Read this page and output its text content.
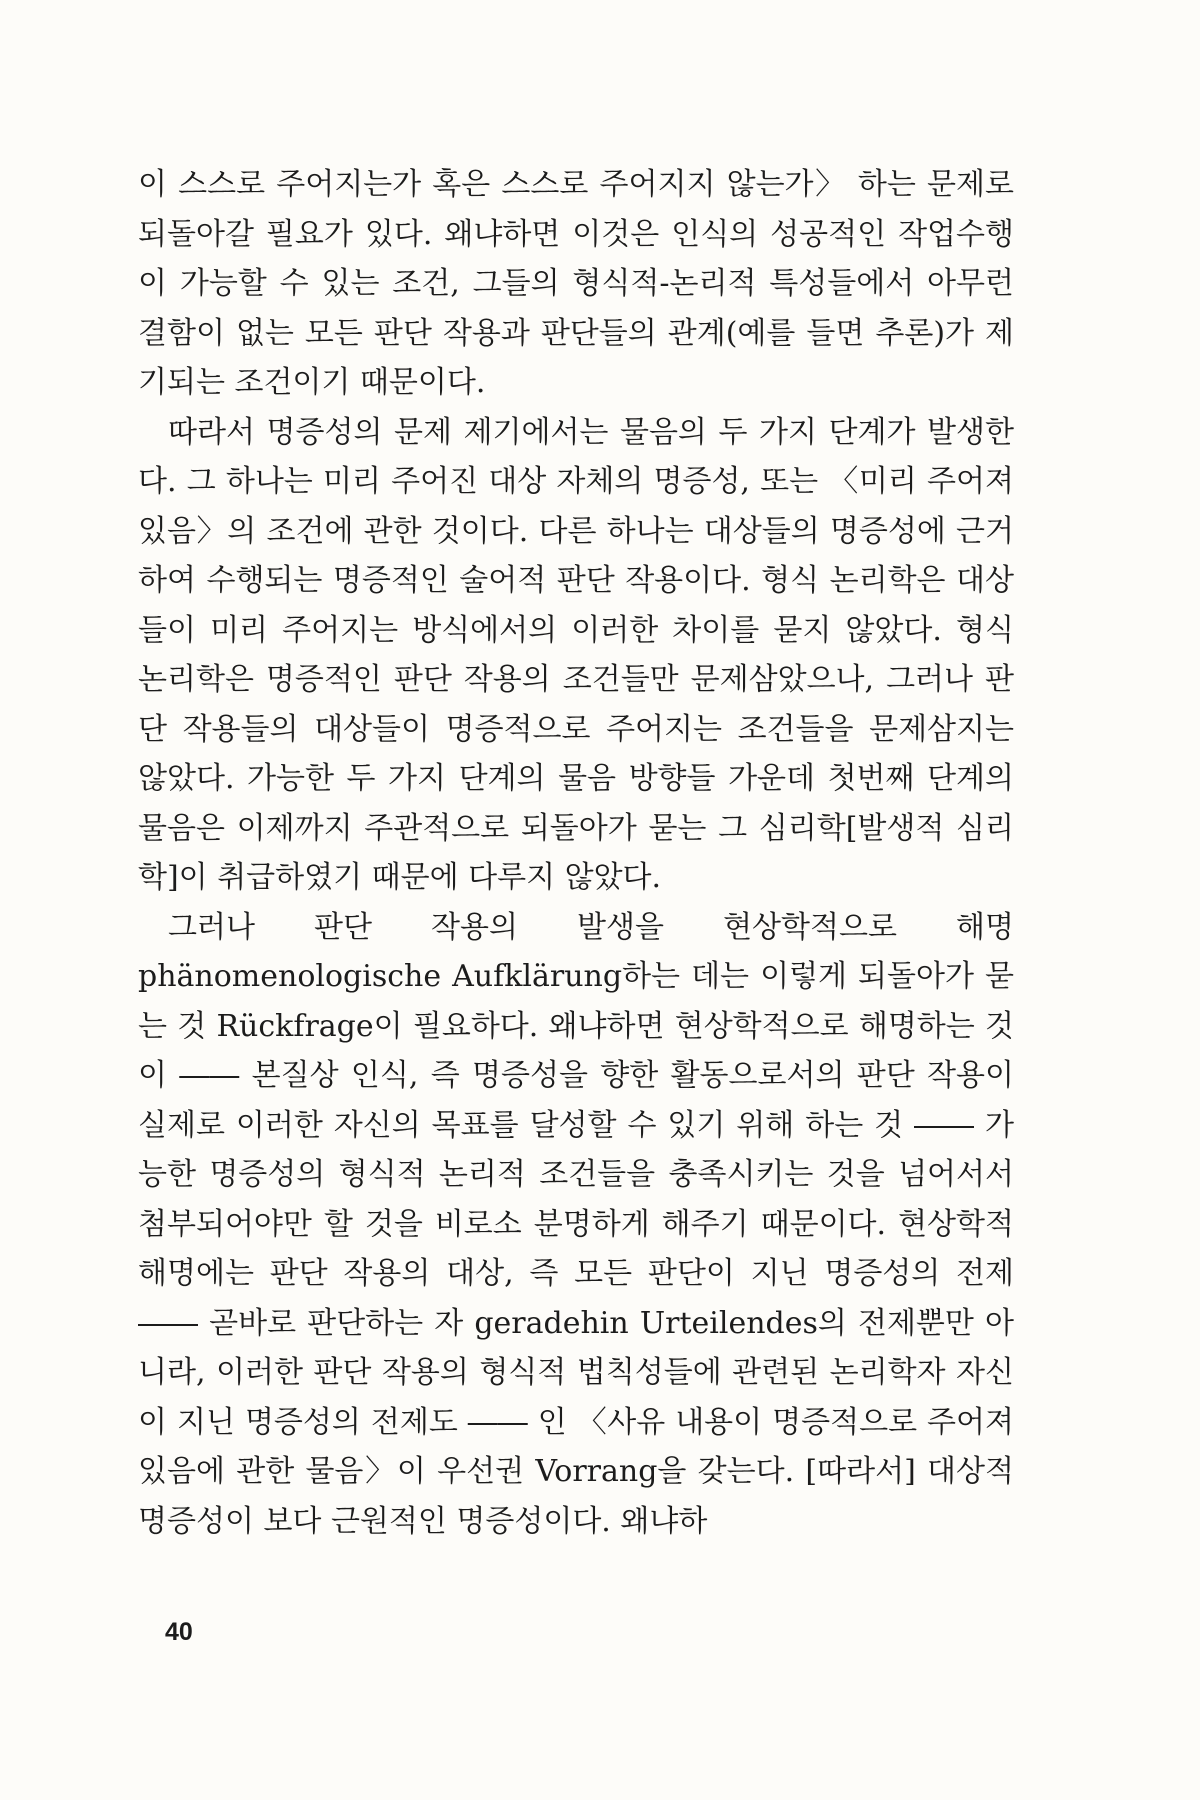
이 스스로 주어지는가 혹은 스스로 주어지지 않는가〉 하는 문제로 되돌아갈 필요가 있다. 왜냐하면 이것은 인식의 성공적인 작업수행이 가능할 수 있는 조건, 그들의 형식적-논리적 특성들에서 아무런 결함이 없는 모든 판단 작용과 판단들의 관계(예를 들면 추론)가 제기되는 조건이기 때문이다.

따라서 명증성의 문제 제기에서는 물음의 두 가지 단계가 발생한다. 그 하나는 미리 주어진 대상 자체의 명증성, 또는 〈미리 주어져 있음〉의 조건에 관한 것이다. 다른 하나는 대상들의 명증성에 근거하여 수행되는 명증적인 술어적 판단 작용이다. 형식 논리학은 대상들이 미리 주어지는 방식에서의 이러한 차이를 묻지 않았다. 형식 논리학은 명증적인 판단 작용의 조건들만 문제삼았으나, 그러나 판단 작용들의 대상들이 명증적으로 주어지는 조건들을 문제삼지는 않았다. 가능한 두 가지 단계의 물음 방향들 가운데 첫번째 단계의 물음은 이제까지 주관적으로 되돌아가 묻는 그 심리학[발생적 심리학]이 취급하였기 때문에 다루지 않았다.

그러나 판단 작용의 발생을 현상학적으로 해명 phänomenologische Aufklärung하는 데는 이렇게 되돌아가 묻는 것 Rückfrage이 필요하다. 왜냐하면 현상학적으로 해명하는 것이 ―― 본질상 인식, 즉 명증성을 향한 활동으로서의 판단 작용이 실제로 이러한 자신의 목표를 달성할 수 있기 위해 하는 것 ―― 가능한 명증성의 형식적 논리적 조건들을 충족시키는 것을 넘어서서 첨부되어야만 할 것을 비로소 분명하게 해주기 때문이다. 현상학적 해명에는 판단 작용의 대상, 즉 모든 판단이 지닌 명증성의 전제 ―― 곧바로 판단하는 자 geradehin Urteilendes의 전제뿐만 아니라, 이러한 판단 작용의 형식적 법칙성들에 관련된 논리학자 자신이 지닌 명증성의 전제도 ―― 인 〈사유 내용이 명증적으로 주어져 있음에 관한 물음〉이 우선권 Vorrang을 갖는다. [따라서] 대상적 명증성이 보다 근원적인 명증성이다. 왜냐하

40
